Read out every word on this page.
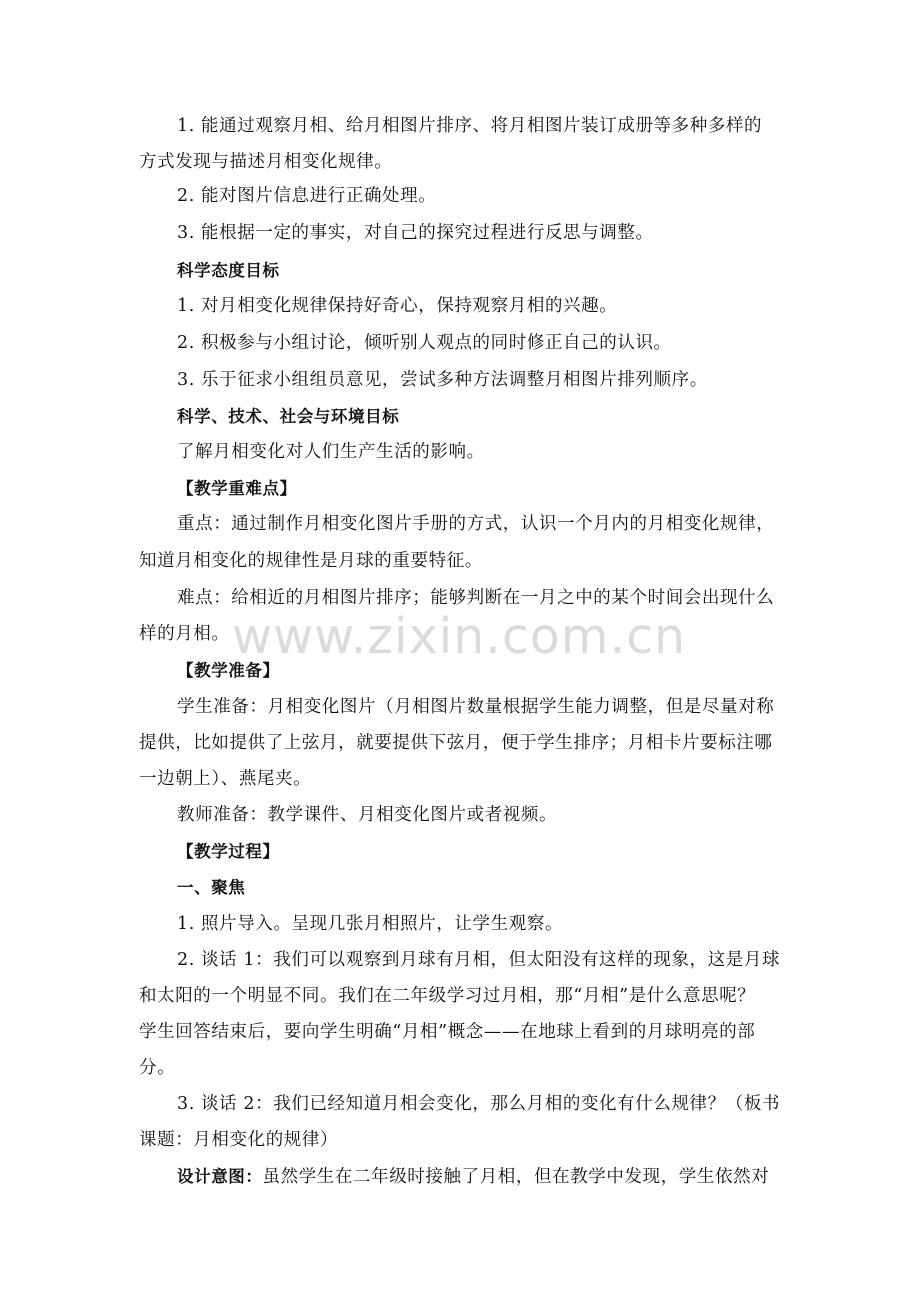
1. 能通过观察月相、给月相图片排序、将月相图片装订成册等多种多样的
方式发现与描述月相变化规律。
2. 能对图片信息进行正确处理。
3. 能根据一定的事实，对自己的探究过程进行反思与调整。
科学态度目标
1. 对月相变化规律保持好奇心，保持观察月相的兴趣。
2. 积极参与小组讨论，倾听别人观点的同时修正自己的认识。
3. 乐于征求小组组员意见，尝试多种方法调整月相图片排列顺序。
科学、技术、社会与环境目标
了解月相变化对人们生产生活的影响。
【教学重难点】
重点：通过制作月相变化图片手册的方式，认识一个月内的月相变化规律，
知道月相变化的规律性是月球的重要特征。
难点：给相近的月相图片排序；能够判断在一月之中的某个时间会出现什么
样的月相。
【教学准备】
学生准备：月相变化图片（月相图片数量根据学生能力调整，但是尽量对称
提供，比如提供了上弦月，就要提供下弦月，便于学生排序；月相卡片要标注哪
一边朝上）、燕尾夹。
教师准备：教学课件、月相变化图片或者视频。
【教学过程】
一、聚焦
1. 照片导入。呈现几张月相照片，让学生观察。
2. 谈话 1：我们可以观察到月球有月相，但太阳没有这样的现象，这是月球
和太阳的一个明显不同。我们在二年级学习过月相，那“月相”是什么意思呢？
学生回答结束后，要向学生明确“月相”概念——在地球上看到的月球明亮的部
分。
3. 谈话 2：我们已经知道月相会变化，那么月相的变化有什么规律？（板书
课题：月相变化的规律）
设计意图：虽然学生在二年级时接触了月相，但在教学中发现，学生依然对
www.zixin.com.cn
